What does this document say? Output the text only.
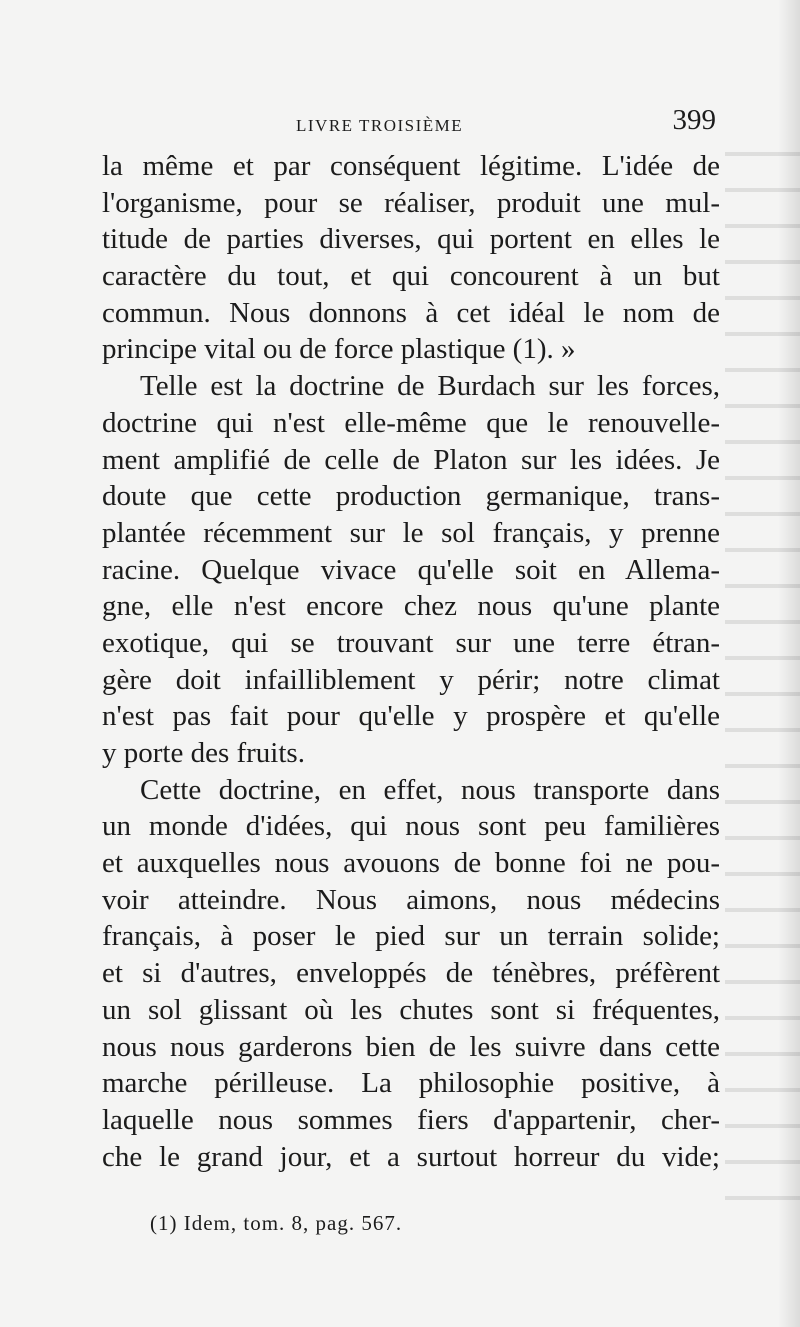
LIVRE TROISIÈME	399
la même et par conséquent légitime. L'idée de
l'organisme, pour se réaliser, produit une mul-
titude de parties diverses, qui portent en elles le
caractère du tout, et qui concourent à un but
commun. Nous donnons à cet idéal le nom de
principe vital ou de force plastique (1). »
Telle est la doctrine de Burdach sur les forces,
doctrine qui n'est elle-même que le renouvelle-
ment amplifié de celle de Platon sur les idées. Je
doute que cette production germanique, trans-
plantée récemment sur le sol français, y prenne
racine. Quelque vivace qu'elle soit en Allema-
gne, elle n'est encore chez nous qu'une plante
exotique, qui se trouvant sur une terre étran-
gère doit infailliblement y périr; notre climat
n'est pas fait pour qu'elle y prospère et qu'elle
y porte des fruits.
Cette doctrine, en effet, nous transporte dans
un monde d'idées, qui nous sont peu familières
et auxquelles nous avouons de bonne foi ne pou-
voir atteindre. Nous aimons, nous médecins
français, à poser le pied sur un terrain solide;
et si d'autres, enveloppés de ténèbres, préfèrent
un sol glissant où les chutes sont si fréquentes,
nous nous garderons bien de les suivre dans cette
marche périlleuse. La philosophie positive, à
laquelle nous sommes fiers d'appartenir, cher-
che le grand jour, et a surtout horreur du vide;
(1) Idem, tom. 8, pag. 567.
